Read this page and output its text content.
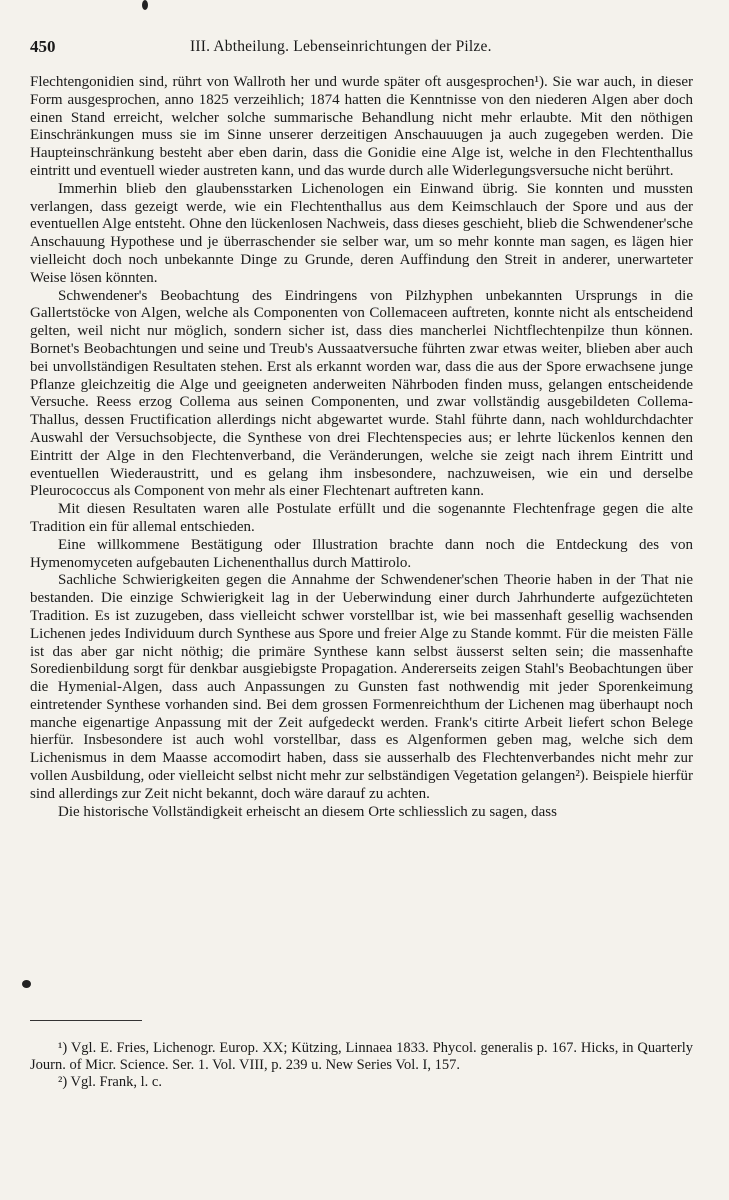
450	III. Abtheilung. Lebenseinrichtungen der Pilze.

Flechtengonidien sind, rührt von Wallroth her und wurde später oft ausgesprochen¹). Sie war auch, in dieser Form ausgesprochen, anno 1825 verzeihlich; 1874 hatten die Kenntnisse von den niederen Algen aber doch einen Stand erreicht, welcher solche summarische Behandlung nicht mehr erlaubte. Mit den nöthigen Einschränkungen muss sie im Sinne unserer derzeitigen Anschauuugen ja auch zugegeben werden. Die Haupteinschränkung besteht aber eben darin, dass die Gonidie eine Alge ist, welche in den Flechtenthallus eintritt und eventuell wieder austreten kann, und das wurde durch alle Widerlegungsversuche nicht berührt.

Immerhin blieb den glaubensstarken Lichenologen ein Einwand übrig. Sie konnten und mussten verlangen, dass gezeigt werde, wie ein Flechtenthallus aus dem Keimschlauch der Spore und aus der eventuellen Alge entsteht. Ohne den lückenlosen Nachweis, dass dieses geschieht, blieb die Schwendener'sche Anschauung Hypothese und je überraschender sie selber war, um so mehr konnte man sagen, es lägen hier vielleicht doch noch unbekannte Dinge zu Grunde, deren Auffindung den Streit in anderer, unerwarteter Weise lösen könnten.

Schwendener's Beobachtung des Eindringens von Pilzhyphen unbekannten Ursprungs in die Gallertstöcke von Algen, welche als Componenten von Collemaceen auftreten, konnte nicht als entscheidend gelten, weil nicht nur möglich, sondern sicher ist, dass dies mancherlei Nichtflechtenpilze thun können. Bornet's Beobachtungen und seine und Treub's Aussaatversuche führten zwar etwas weiter, blieben aber auch bei unvollständigen Resultaten stehen. Erst als erkannt worden war, dass die aus der Spore erwachsene junge Pflanze gleichzeitig die Alge und geeigneten anderweiten Nährboden finden muss, gelangen entscheidende Versuche. Reess erzog Collema aus seinen Componenten, und zwar vollständig ausgebildeten Collema-Thallus, dessen Fructification allerdings nicht abgewartet wurde. Stahl führte dann, nach wohldurchdachter Auswahl der Versuchsobjecte, die Synthese von drei Flechtenspecies aus; er lehrte lückenlos kennen den Eintritt der Alge in den Flechtenverband, die Veränderungen, welche sie zeigt nach ihrem Eintritt und eventuellen Wiederaustritt, und es gelang ihm insbesondere, nachzuweisen, wie ein und derselbe Pleurococcus als Component von mehr als einer Flechtenart auftreten kann.

Mit diesen Resultaten waren alle Postulate erfüllt und die sogenannte Flechtenfrage gegen die alte Tradition ein für allemal entschieden.

Eine willkommene Bestätigung oder Illustration brachte dann noch die Entdeckung des von Hymenomyceten aufgebauten Lichenenthallus durch Mattirolo.

Sachliche Schwierigkeiten gegen die Annahme der Schwendener'schen Theorie haben in der That nie bestanden. Die einzige Schwierigkeit lag in der Ueberwindung einer durch Jahrhunderte aufgezüchteten Tradition. Es ist zuzugeben, dass vielleicht schwer vorstellbar ist, wie bei massenhaft gesellig wachsenden Lichenen jedes Individuum durch Synthese aus Spore und freier Alge zu Stande kommt. Für die meisten Fälle ist das aber gar nicht nöthig; die primäre Synthese kann selbst äusserst selten sein; die massenhafte Soredienbildung sorgt für denkbar ausgiebigste Propagation. Andererseits zeigen Stahl's Beobachtungen über die Hymenial-Algen, dass auch Anpassungen zu Gunsten fast nothwendig mit jeder Sporenkeimung eintretender Synthese vorhanden sind. Bei dem grossen Formenreichthum der Lichenen mag überhaupt noch manche eigenartige Anpassung mit der Zeit aufgedeckt werden. Frank's citirte Arbeit liefert schon Belege hierfür. Insbesondere ist auch wohl vorstellbar, dass es Algenformen geben mag, welche sich dem Lichenismus in dem Maasse accomodirt haben, dass sie ausserhalb des Flechtenverbandes nicht mehr zur vollen Ausbildung, oder vielleicht selbst nicht mehr zur selbständigen Vegetation gelangen²). Beispiele hierfür sind allerdings zur Zeit nicht bekannt, doch wäre darauf zu achten.

Die historische Vollständigkeit erheischt an diesem Orte schliesslich zu sagen, dass

¹) Vgl. E. Fries, Lichenogr. Europ. XX; Kützing, Linnaea 1833. Phycol. generalis p. 167. Hicks, in Quarterly Journ. of Micr. Science. Ser. 1. Vol. VIII, p. 239 u. New Series Vol. I, 157.

²) Vgl. Frank, l. c.
